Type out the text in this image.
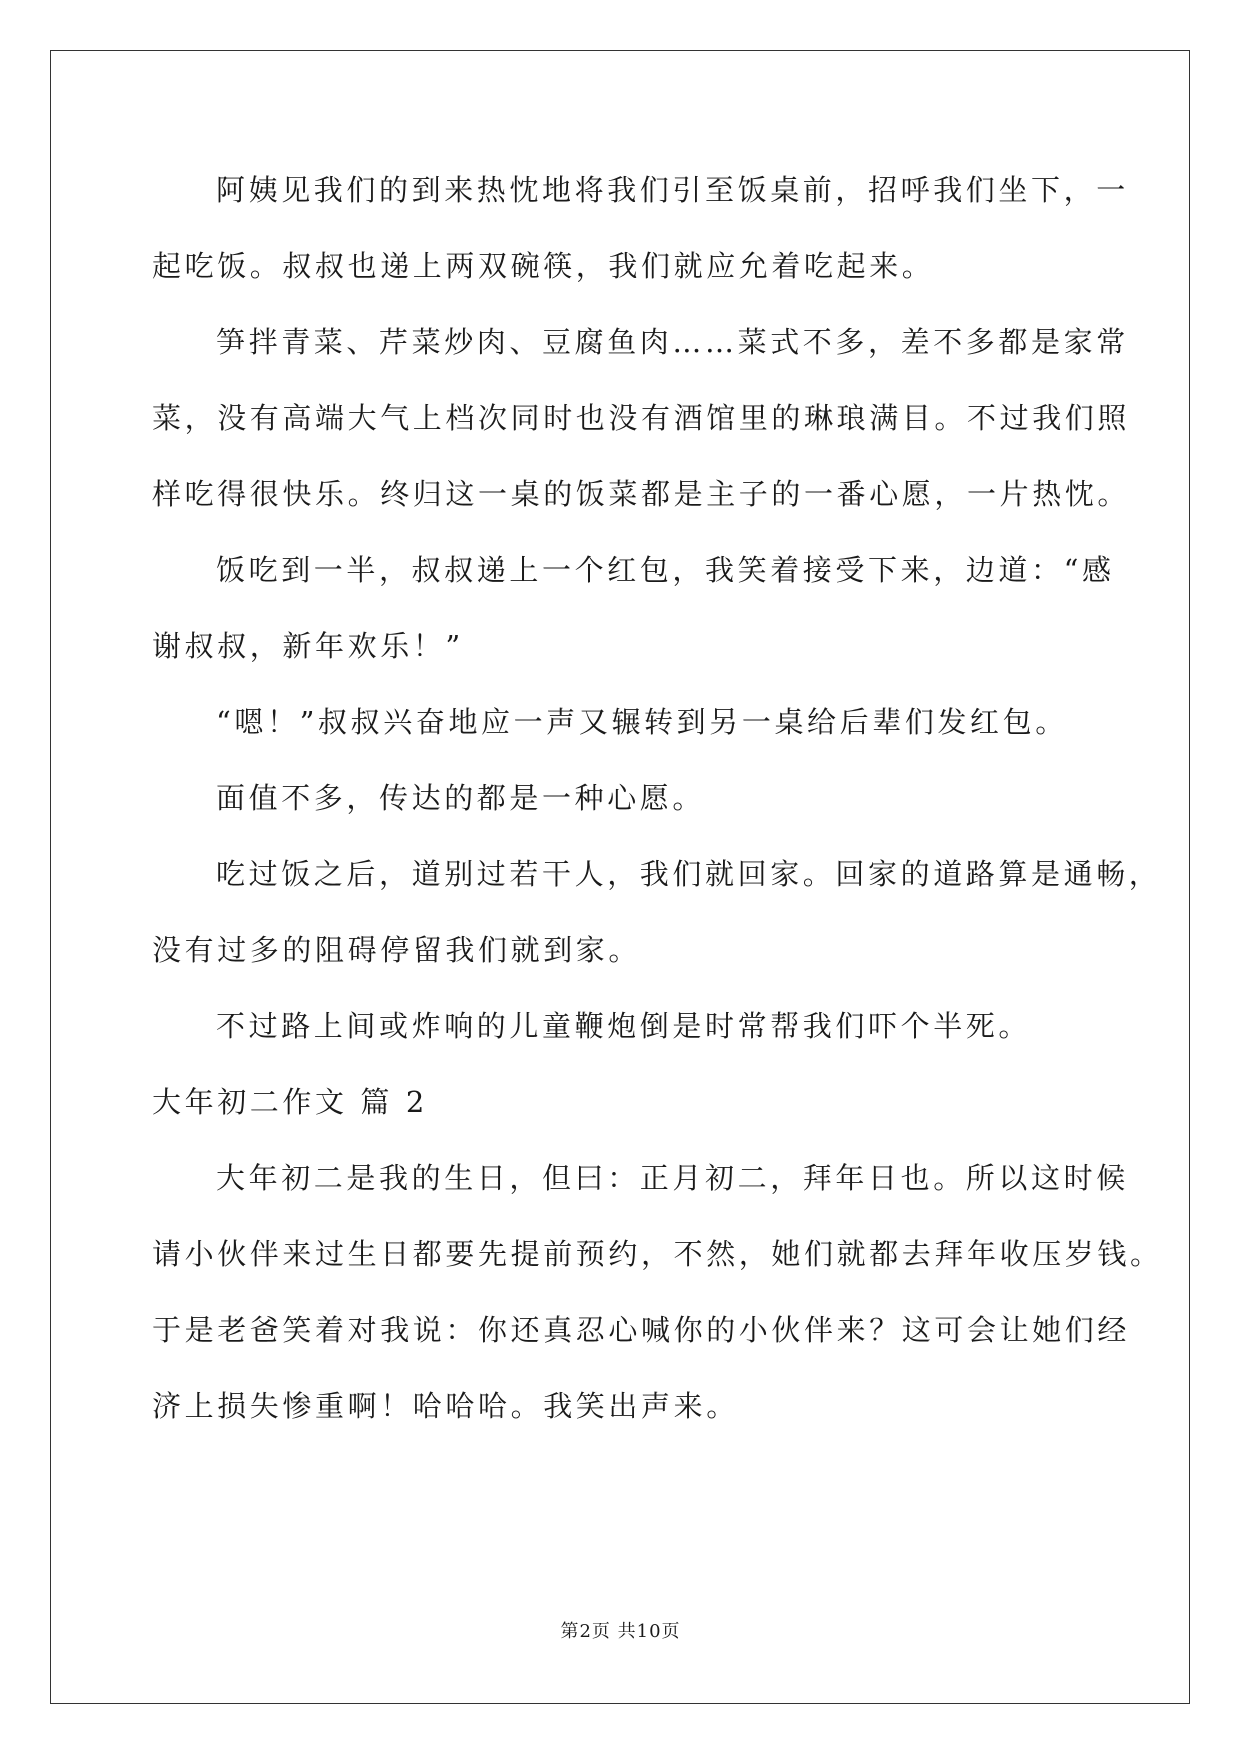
阿姨见我们的到来热忱地将我们引至饭桌前，招呼我们坐下，一

起吃饭。叔叔也递上两双碗筷，我们就应允着吃起来。

笋拌青菜、芹菜炒肉、豆腐鱼肉……菜式不多，差不多都是家常

菜，没有高端大气上档次同时也没有酒馆里的琳琅满目。不过我们照

样吃得很快乐。终归这一桌的饭菜都是主子的一番心愿，一片热忱。

饭吃到一半，叔叔递上一个红包，我笑着接受下来，边道：“感

谢叔叔，新年欢乐！”

“嗯！”叔叔兴奋地应一声又辗转到另一桌给后辈们发红包。

面值不多，传达的都是一种心愿。

吃过饭之后，道别过若干人，我们就回家。回家的道路算是通畅，

没有过多的阻碍停留我们就到家。

不过路上间或炸响的儿童鞭炮倒是时常帮我们吓个半死。

大年初二作文 篇 2

大年初二是我的生日，但曰：正月初二，拜年日也。所以这时候

请小伙伴来过生日都要先提前预约，不然，她们就都去拜年收压岁钱。

于是老爸笑着对我说：你还真忍心喊你的小伙伴来？这可会让她们经

济上损失惨重啊！哈哈哈。我笑出声来。

第2页 共10页
